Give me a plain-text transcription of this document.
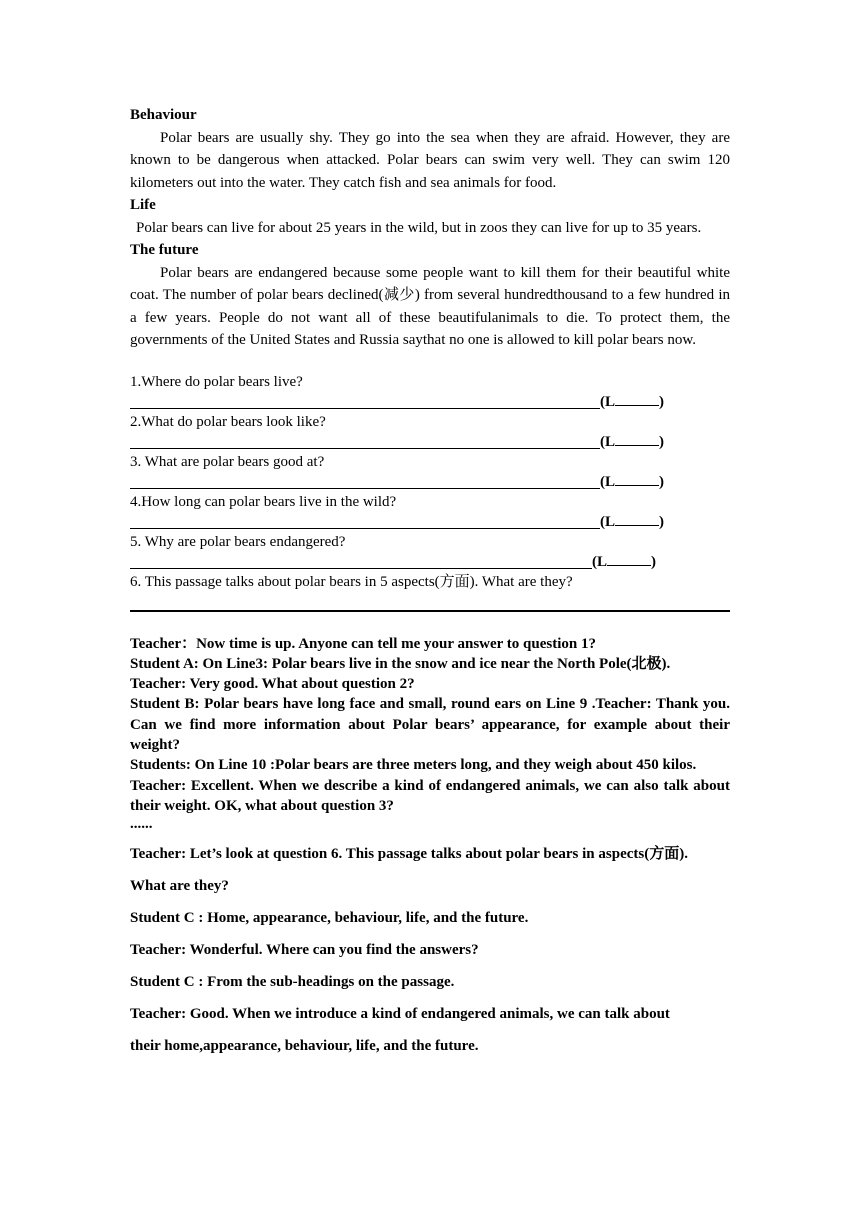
Behaviour

Polar bears are usually shy. They go into the sea when they are afraid. However, they are known to be dangerous when attacked. Polar bears can swim very well. They can swim 120 kilometers out into the water. They catch fish and sea animals for food.

Life

Polar bears can live for about 25 years in the wild, but in zoos they can live for up to 35 years.

The future

Polar bears are endangered because some people want to kill them for their beautiful white coat. The number of polar bears declined(减少) from several hundredthousand to a few hundred in a few years. People do not want all of these beautifulanimals to die. To protect them, the governments of the United States and Russia saythat no one is allowed to kill polar bears now.

1.Where do polar bears live?

(L	)

2.What do polar bears look like?

(L	)

3. What are polar bears good at?

(L	)

4.How long can polar bears live in the wild?

(L	)

5. Why are polar bears endangered?

(L	)

6. This passage talks about polar bears in 5 aspects(方面). What are they?

Teacher：Now time is up. Anyone can tell me your answer to question 1?

Student A: On Line3: Polar bears live in the snow and ice near the North Pole(北极).

Teacher: Very good. What about question 2?

Student B: Polar bears have long face and small, round ears on Line 9 .Teacher: Thank you. Can we find more information about Polar bears’ appearance, for example about their weight?

Students: On Line 10 :Polar bears are three meters long, and they weigh about 450 kilos.

Teacher: Excellent. When we describe a kind of endangered animals, we can also talk about their weight. OK, what about question 3?

......

Teacher: Let’s look at question 6. This passage talks about polar bears in aspects(方面).

What are they?

Student C : Home, appearance, behaviour, life, and the future.

Teacher: Wonderful. Where can you find the answers?

Student C : From the sub-headings on the passage.

Teacher: Good. When we introduce a kind of endangered animals, we can talk about

their home,appearance, behaviour, life, and the future.
